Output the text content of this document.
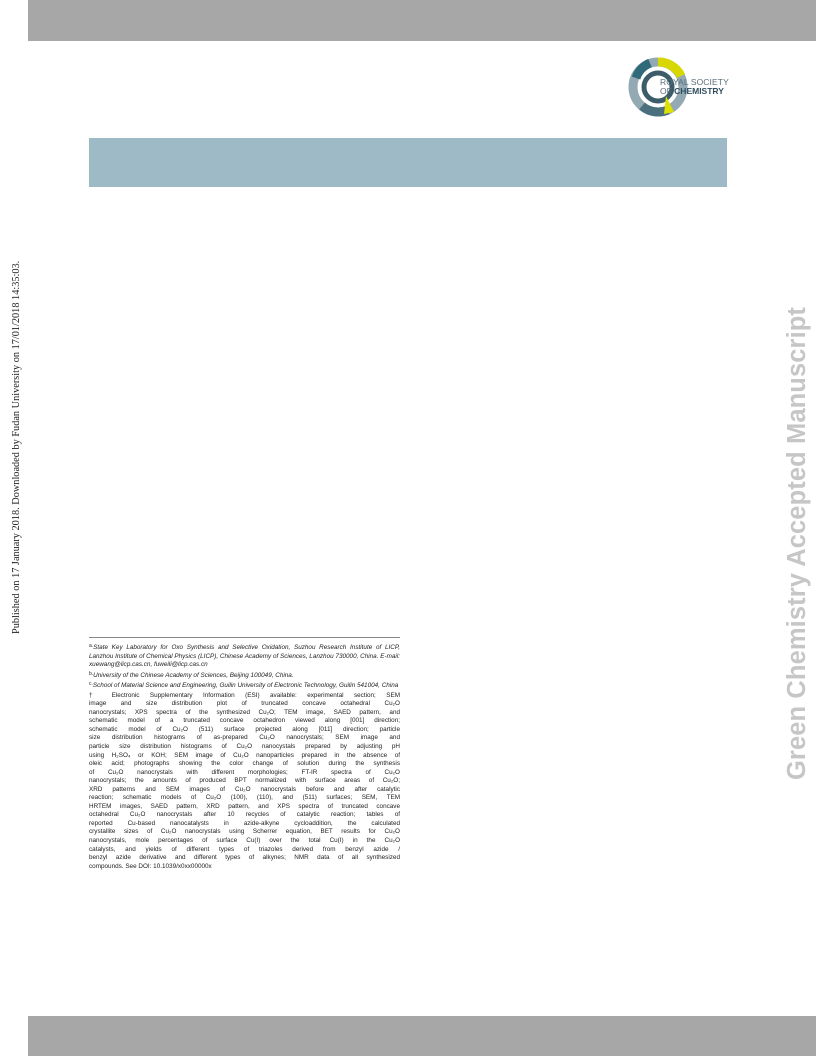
ROYAL SOCIETY
OF CHEMISTRY
Published on 17 January 2018. Downloaded by Fudan University on 17/01/2018 14:35:03.	Green Chemistry Accepted Manuscript
$^{a.}$State Key Laboratory for Oxo Synthesis and Selective Oxidation, Suzhou Research Institute of LICP, Lanzhou Institute of Chemical Physics (LICP), Chinese Academy of Sciences, Lanzhou 730000, China. E-mail: xuewang@licp.cas.cn, fuweili@licp.cas.cn
$^{b.}$University of the Chinese Academy of Sciences, Beijing 100049, China.
$^{c.}$School of Material Science and Engineering, Guilin University of Electronic Technology, Guilin 541004, China
† Electronic Supplementary Information (ESI) available: experimental section; SEM
image and size distribution plot of truncated concave octahedral Cu₂O
nanocrystals; XPS spectra of the synthesized Cu₂O; TEM image, SAED pattern, and
schematic model of a truncated concave octahedron viewed along [001] direction;
schematic model of Cu₂O (511) surface projected along [011̄] direction; particle
size distribution histograms of as-prepared Cu₂O nanocrystals; SEM image and
particle size distribution histograms of Cu₂O nanocystals prepared by adjusting pH
using H₂SO₄ or KOH; SEM image of Cu₂O nanoparticles prepared in the absence of
oleic acid; photographs showing the color change of solution during the synthesis
of Cu₂O nanocrystals with different morphologies; FT-IR spectra of Cu₂O
nanocrystals; the amounts of produced BPT normalized with surface areas of Cu₂O;
XRD patterns and SEM images of Cu₂O nanocrystals before and after catalytic
reaction; schematic models of Cu₂O (100), (110), and (511) surfaces; SEM, TEM
HRTEM images, SAED pattern, XRD pattern, and XPS spectra of truncated concave
octahedral Cu₂O nanocrystals after 10 recycles of catalytic reaction; tables of
reported Cu-based nanocatalysts in azide-alkyne cycloaddition, the calculated
crystallite sizes of Cu₂O nanocrystals using Scherrer equation, BET results for Cu₂O
nanocrystals, mole percentages of surface Cu(I) over the total Cu(I) in the Cu₂O
catalysts, and yields of different types of triazoles derived from benzyl azide /
benzyl azide derivative and different types of alkynes; NMR data of all synthesized
compounds. See DOI: 10.1039/x0xx00000x
